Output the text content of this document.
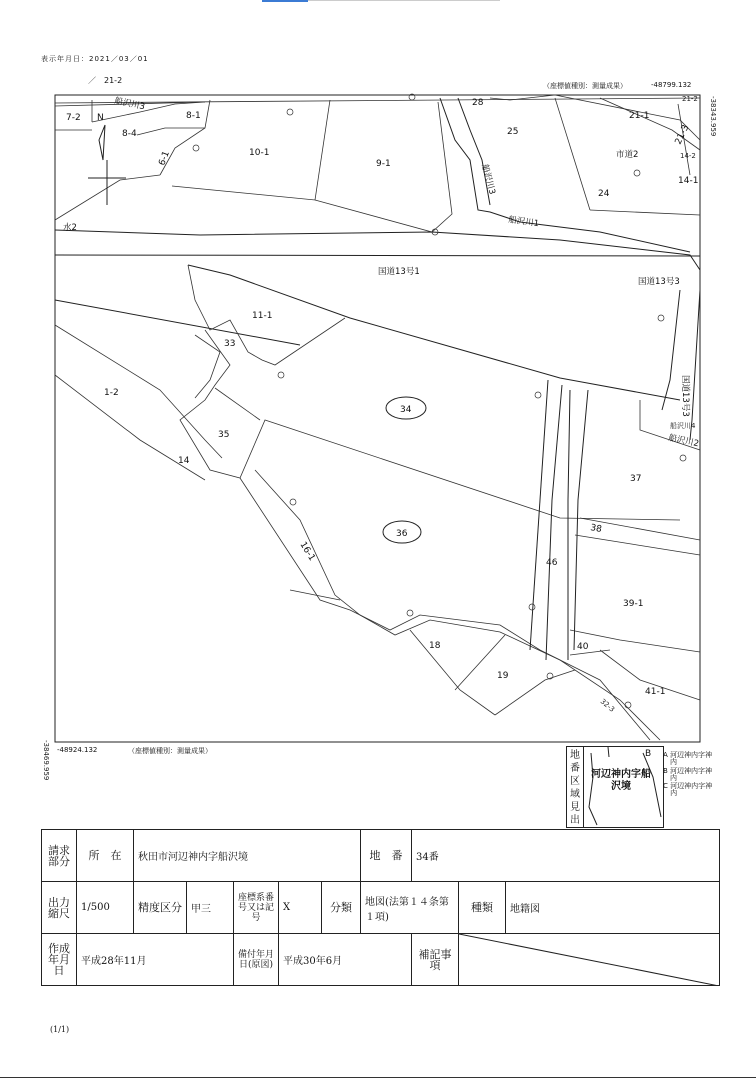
表示年月日：2021／03／01
／　21-2
（座標値種別：測量成果）	-48799.132
-48924.132	（座標値種別：測量成果）
-38343.959
-38469.959
N
7-2
8-4
8-1
6-1	10-1
9-1
28
25
21-1
21-2
21-3
14-2
14-1
24
11-1
33
1-2
35
14
34
36
37
38
46
39-1
40
41-1
18
19
16-1
32-3
船沢川3
船沢川3
船沢川1
船沢川2
市道2
水2
国道13号1
国道13号3
国道13号3
船沢川4
地番区域見出
河辺神内字船沢境
B A 河辺神内字神内
B 河辺神内字神内
C 河辺神内字神内
請求部分	所　在	秋田市河辺神内字船沢境					地　番	34番		
出力縮尺	1/500	精度区分	甲三	座標系番号又は記号	X	分類	地図(法第１４条第１項)		種類	地籍図
作成年月日	平成28年11月			備付年月日(原図)	平成30年6月			補記事項	
(1/1)
